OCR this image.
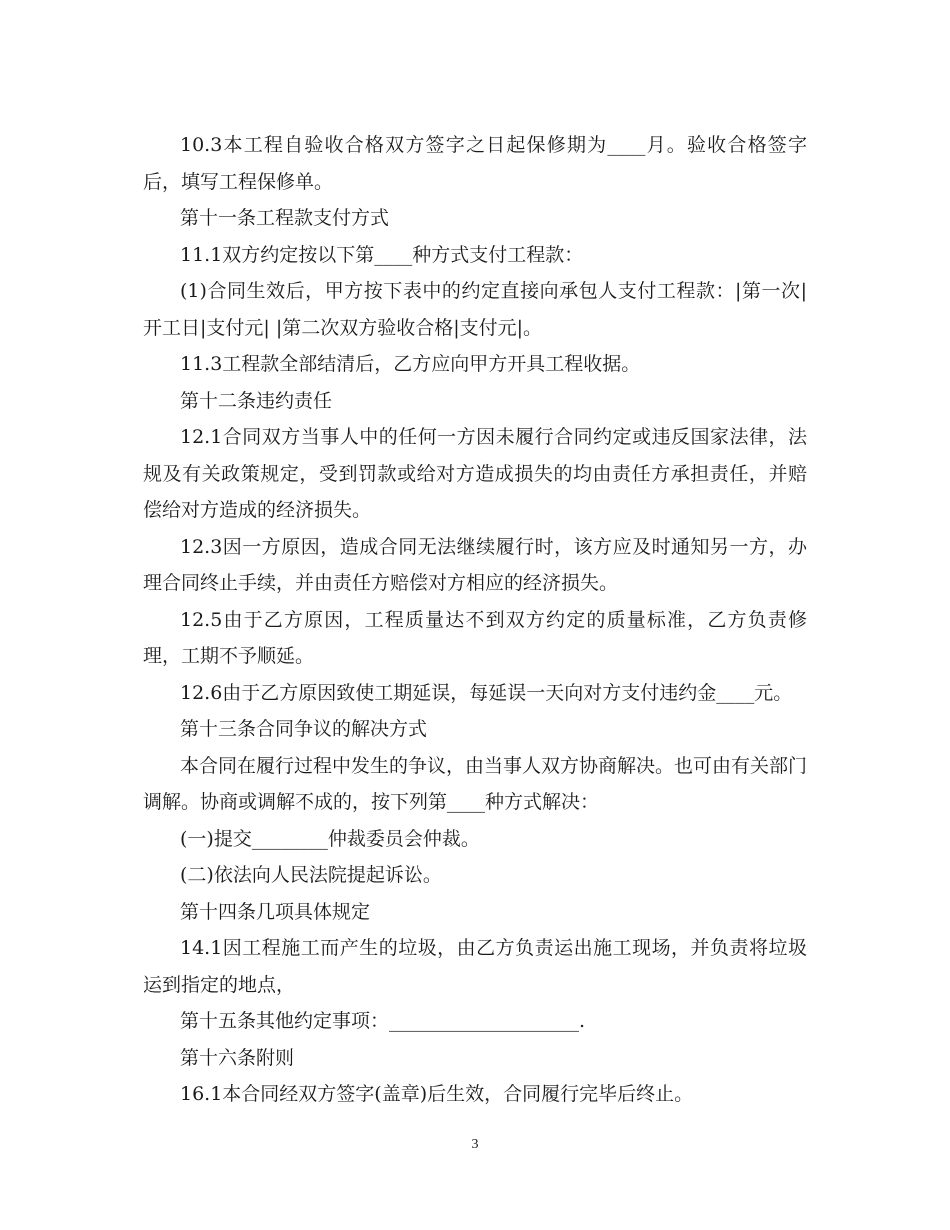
10.3本工程自验收合格双方签字之日起保修期为____月。验收合格签字后，填写工程保修单。

第十一条工程款支付方式

11.1双方约定按以下第____种方式支付工程款：

(1)合同生效后，甲方按下表中的约定直接向承包人支付工程款：|第一次|开工日|支付元| |第二次双方验收合格|支付元|。

11.3工程款全部结清后，乙方应向甲方开具工程收据。

第十二条违约责任

12.1合同双方当事人中的任何一方因未履行合同约定或违反国家法律，法规及有关政策规定，受到罚款或给对方造成损失的均由责任方承担责任，并赔偿给对方造成的经济损失。

12.3因一方原因，造成合同无法继续履行时，该方应及时通知另一方，办理合同终止手续，并由责任方赔偿对方相应的经济损失。

12.5由于乙方原因，工程质量达不到双方约定的质量标准，乙方负责修理，工期不予顺延。

12.6由于乙方原因致使工期延误，每延误一天向对方支付违约金____元。

第十三条合同争议的解决方式

本合同在履行过程中发生的争议，由当事人双方协商解决。也可由有关部门调解。协商或调解不成的，按下列第____种方式解决：

(一)提交________仲裁委员会仲裁。

(二)依法向人民法院提起诉讼。

第十四条几项具体规定

14.1因工程施工而产生的垃圾，由乙方负责运出施工现场，并负责将垃圾运到指定的地点，

第十五条其他约定事项：____________________.

第十六条附则

16.1本合同经双方签字(盖章)后生效，合同履行完毕后终止。

3
